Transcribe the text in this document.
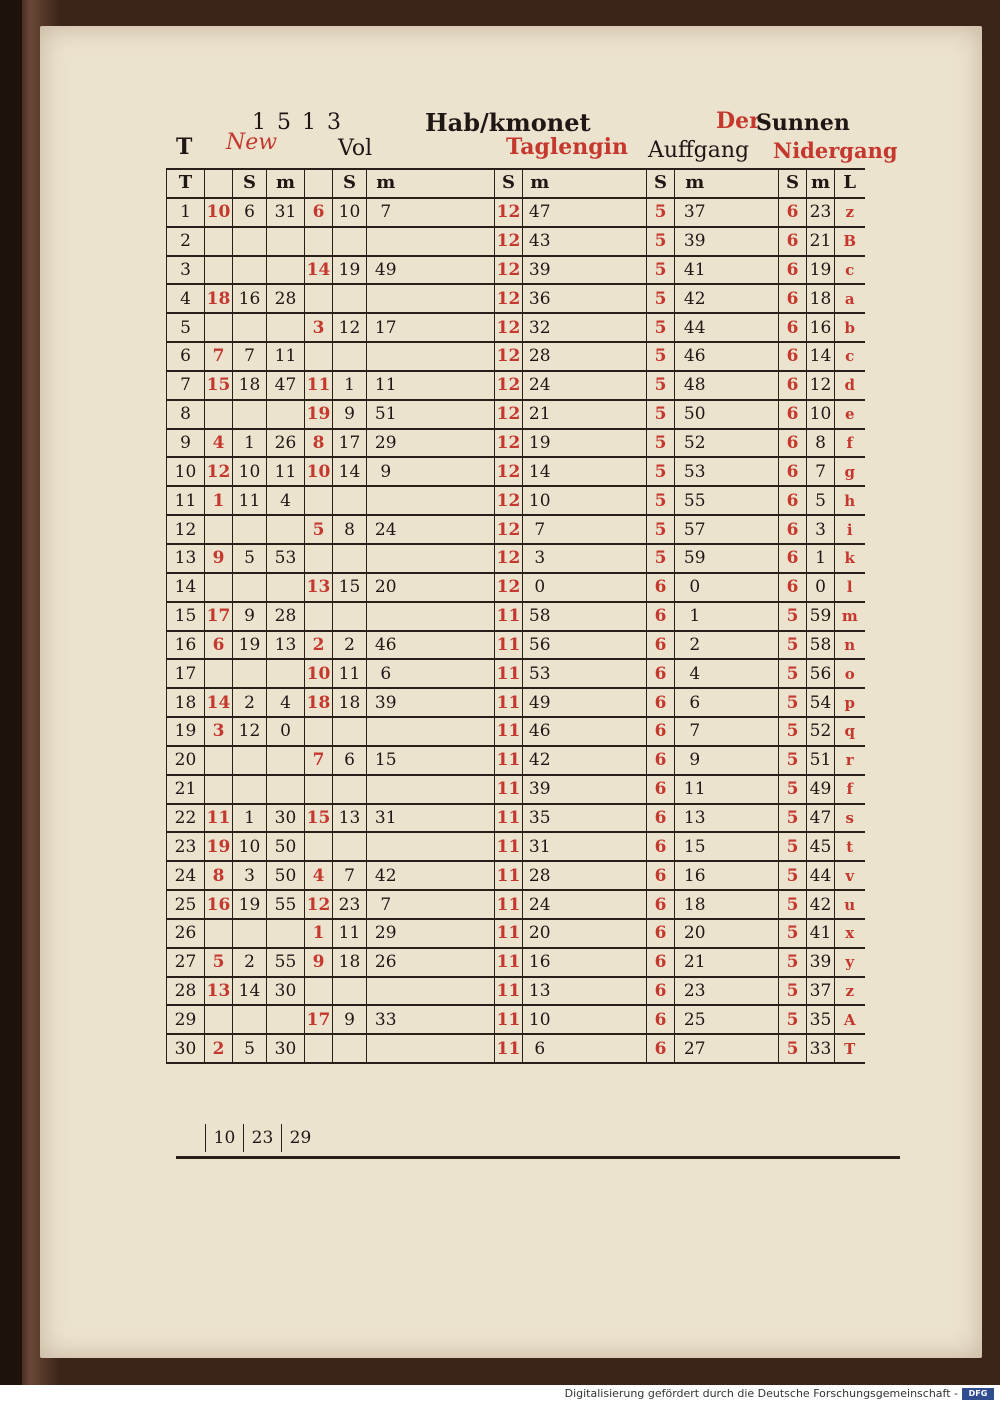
1 5 1 3	Hab/kmonet	Der
Sunnen
T New	Vol	Taglengin Auffgang Nidergang
T		S	m		S	m		S	m		S	m		S	m	L
1	10	6	31	6	10	7		12	47		5	37		6	23	z
2								12	43		5	39		6	21	B
3				14	19	49		12	39		5	41		6	19	c
4	18	16	28					12	36		5	42		6	18	a
5				3	12	17		12	32		5	44		6	16	b
6	7	7	11					12	28		5	46		6	14	c
7	15	18	47	11	1	11		12	24		5	48		6	12	d
8				19	9	51		12	21		5	50		6	10	e
9	4	1	26	8	17	29		12	19		5	52		6	8	f
10	12	10	11	10	14	9		12	14		5	53		6	7	g
11	1	11	4					12	10		5	55		6	5	h
12				5	8	24		12	7		5	57		6	3	i
13	9	5	53					12	3		5	59		6	1	k
14				13	15	20		12	0		6	0		6	0	l
15	17	9	28					11	58		6	1		5	59	m
16	6	19	13	2	2	46		11	56		6	2		5	58	n
17				10	11	6		11	53		6	4		5	56	o
18	14	2	4	18	18	39		11	49		6	6		5	54	p
19	3	12	0					11	46		6	7		5	52	q
20				7	6	15		11	42		6	9		5	51	r
21								11	39		6	11		5	49	f
22	11	1	30	15	13	31		11	35		6	13		5	47	s
23	19	10	50					11	31		6	15		5	45	t
24	8	3	50	4	7	42		11	28		6	16		5	44	v
25	16	19	55	12	23	7		11	24		6	18		5	42	u
26				1	11	29		11	20		6	20		5	41	x
27	5	2	55	9	18	26		11	16		6	21		5	39	y
28	13	14	30					11	13		6	23		5	37	z
29				17	9	33		11	10		6	25		5	35	A
30	2	5	30					11	6		6	27		5	33	T
10 23 29
Digitalisierung gefördert durch die Deutsche Forschungsgemeinschaft -	DFG
